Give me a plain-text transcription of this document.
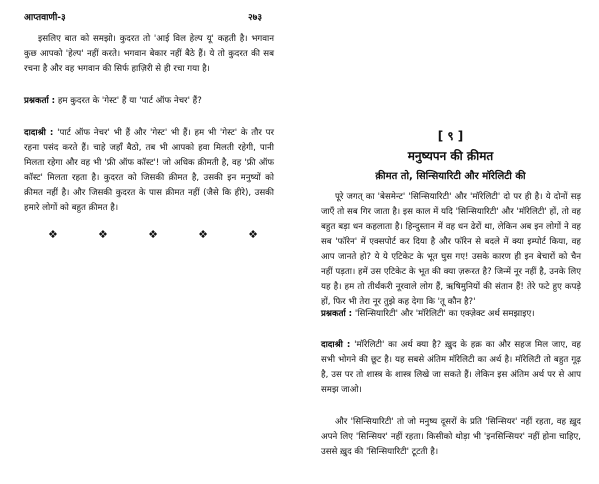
आप्तवाणी-३	२७३

इसलिए बात को समझो। कुदरत तो 'आई विल हेल्प यू' कहती है। भगवान कुछ आपको 'हेल्प' नहीं करते। भगवान बेकार नहीं बैठे हैं। ये तो कुदरत की सब रचना है और वह भगवान की सिर्फ हाज़िरी से ही रचा गया है।

प्रश्नकर्ता : हम कुदरत के 'गेस्ट' हैं या 'पार्ट ऑफ नेचर' हैं?

दादाश्री : 'पार्ट ऑफ नेचर' भी हैं और 'गेस्ट' भी हैं। हम भी 'गेस्ट' के तौर पर रहना पसंद करते हैं। चाहे जहाँ बैठो, तब भी आपको हवा मिलती रहेगी, पानी मिलता रहेगा और वह भी 'फ्री ऑफ कॉस्ट'! जो अधिक क़ीमती है, वह 'फ्री ऑफ कॉस्ट' मिलता रहता है। कुदरत को जिसकी क़ीमत है, उसकी इन मनुष्यों को क़ीमत नहीं है। और जिसकी कुदरत के पास क़ीमत नहीं (जैसे कि हीरे), उसकी हमारे लोगों को बहुत क़ीमत है।

❖	❖	❖	❖	❖
[ ९ ]
मनुष्यपन की क़ीमत
क़ीमत तो, सिन्सियारिटी और मॉरेलिटी की

पूरे जगत् का 'बेसमेन्ट' 'सिन्सियारिटी' और 'मॉरेलिटी' दो पर ही है। ये दोनों सड़ जाएँ तो सब गिर जाता है। इस काल में यदि 'सिन्सियारिटी' और 'मॉरेलिटी' हों, तो वह बहुत बड़ा धन कहलाता है। हिन्दुस्तान में वह धन ढेरों था, लेकिन अब इन लोगों ने वह सब 'फॉरेन' में एक्सपोर्ट कर दिया है और फॉरेन से बदले में क्या इम्पोर्ट किया, वह आप जानते हो? ये ये एटिकेट के भूत घुस गए! उसके कारण ही इन बेचारों को चैन नहीं पड़ता। हमें उस एटिकेट के भूत की क्या ज़रूरत है? जिन्में नूर नहीं है, उनके लिए यह है। हम तो तीर्थंकरी नूरवाले लोग हैं, ऋषिमुनियों की संतान हैं! तेरे फटे हुए कपड़े हों, फिर भी तेरा नूर तुझे कह देगा कि 'तू कौन है?'

प्रश्नकर्ता : 'सिन्सियारिटी' और 'मॉरेलिटी' का एक्ज़ेक्ट अर्थ समझाइए।

दादाश्री : 'मॉरेलिटी' का अर्थ क्या है? ख़ुद के हक़ का और सहज मिल जाए, वह सभी भोगने की छूट है। यह सबसे अंतिम मॉरेलिटी का अर्थ है। मॉरेलिटी तो बहुत गूढ़ है, उस पर तो शास्त्र के शास्त्र लिखे जा सकते हैं। लेकिन इस अंतिम अर्थ पर से आप समझ जाओ।

और 'सिन्सियारिटी' तो जो मनुष्य दूसरों के प्रति 'सिन्सियर' नहीं रहता, वह ख़ुद अपने लिए 'सिन्सियर' नहीं रहता। किसीको थोड़ा भी 'इनसिन्सियर' नहीं होना चाहिए, उससे ख़ुद की 'सिन्सियारिटी' टूटती है।
